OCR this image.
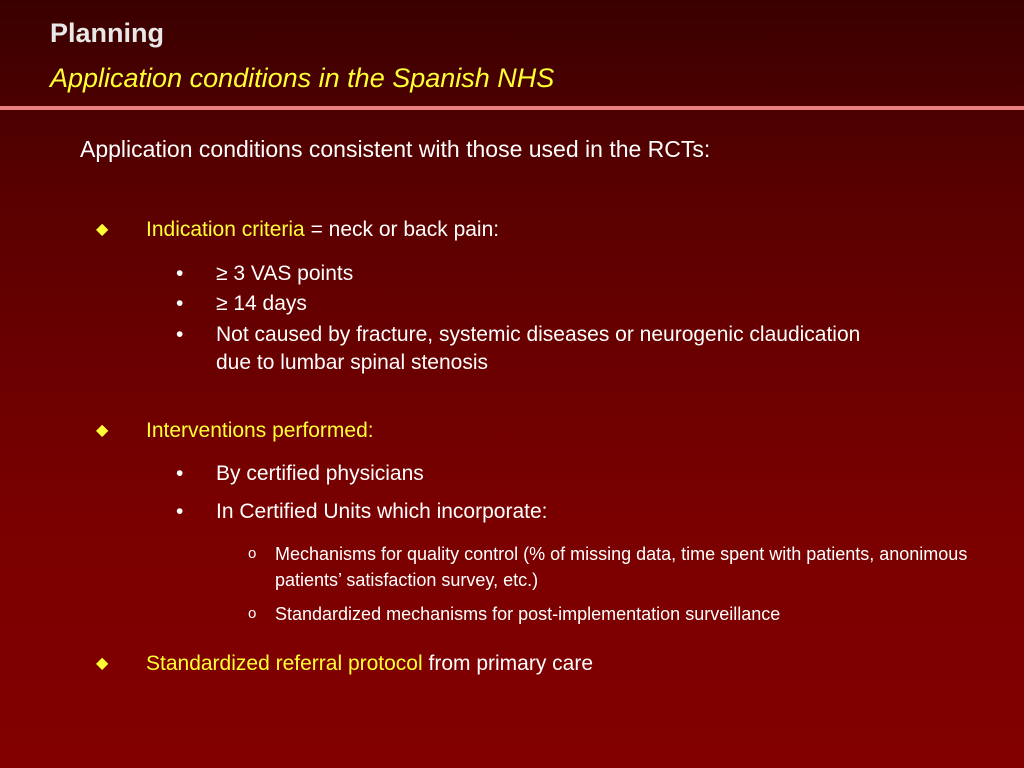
Planning
Application conditions in the Spanish NHS
Application conditions consistent with those used in the RCTs:
◆ Indication criteria = neck or back pain:
• ≥ 3 VAS points
• ≥ 14 days
• Not caused by fracture, systemic diseases or neurogenic claudication due to lumbar spinal stenosis
◆ Interventions performed:
• By certified physicians
• In Certified Units which incorporate:
o Mechanisms for quality control (% of missing data, time spent with patients, anonimous patients’ satisfaction survey, etc.)
o Standardized mechanisms for post-implementation surveillance
◆ Standardized referral protocol from primary care
